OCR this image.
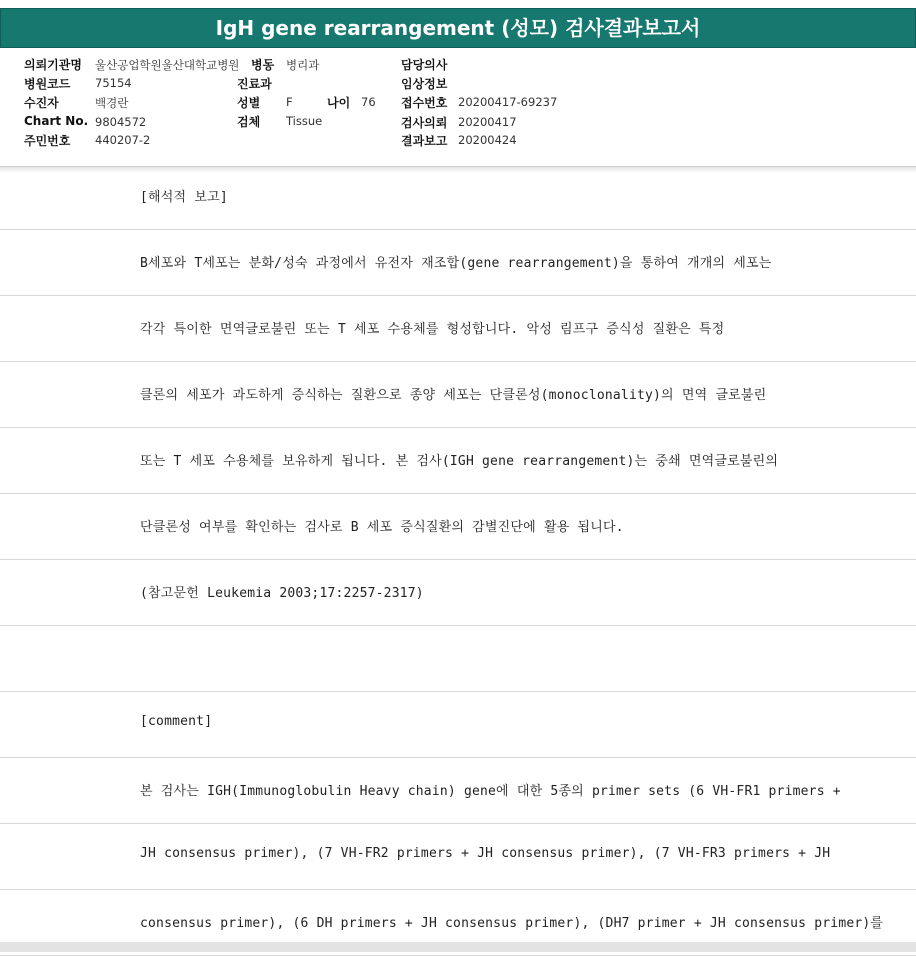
IgH gene rearrangement (성모) 검사결과보고서
의뢰기관명 울산공업학원울산대학교병원
병원코드 75154
수진자	백경란
Chart No. 9804572
주민번호 440207-2
병동 병리과
진료과
성별 F	나이 76
검체 Tissue
담당의사
임상정보
접수번호 20200417-69237
검사의뢰 20200417
결과보고 20200424
[해석적 보고]
B세포와 T세포는 분화/성숙 과정에서 유전자 재조합(gene rearrangement)을 통하여 개개의 세포는
각각 특이한 면역글로불린 또는 T 세포 수용체를 형성합니다. 악성 림프구 증식성 질환은 특정
클론의 세포가 과도하게 증식하는 질환으로 종양 세포는 단클론성(monoclonality)의 면역 글로불린
또는 T 세포 수용체를 보유하게 됩니다. 본 검사(IGH gene rearrangement)는 중쇄 면역글로불린의
단클론성 여부를 확인하는 검사로 B 세포 증식질환의 감별진단에 활용 됩니다.
(참고문헌 Leukemia 2003;17:2257-2317)
[comment]
본 검사는 IGH(Immunoglobulin Heavy chain) gene에 대한 5종의 primer sets (6 VH-FR1 primers +
JH consensus primer), (7 VH-FR2 primers + JH consensus primer), (7 VH-FR3 primers + JH
consensus primer), (6 DH primers + JH consensus primer), (DH7 primer + JH consensus primer)를
